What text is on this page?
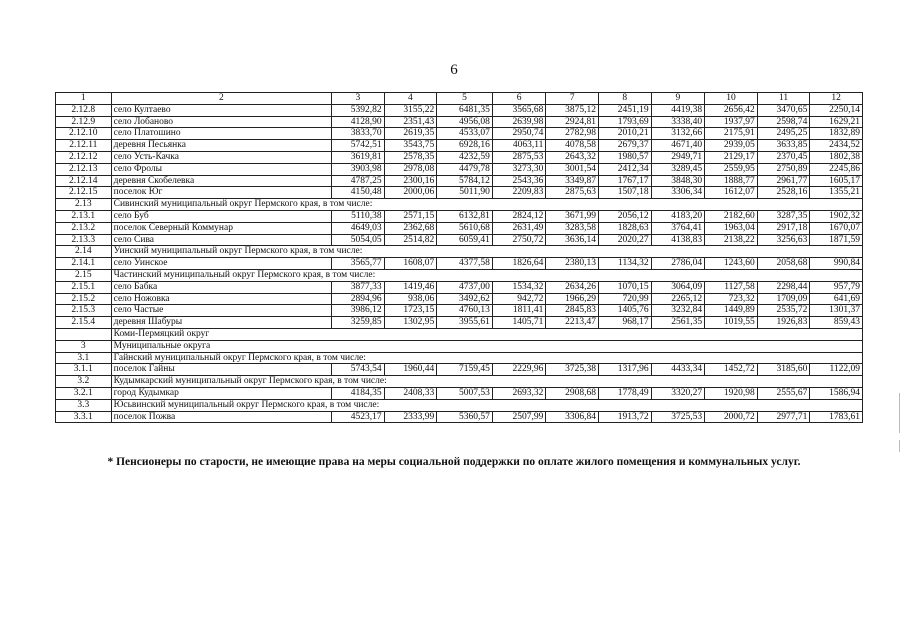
6
1	2	3	4	5	6	7	8	9	10	11	12
2.12.8	село Култаево	5392,82	3155,22	6481,35	3565,68	3875,12	2451,19	4419,38	2656,42	3470,65	2250,14
2.12.9	село Лобаново	4128,90	2351,43	4956,08	2639,98	2924,81	1793,69	3338,40	1937,97	2598,74	1629,21
2.12.10	село Платошино	3833,70	2619,35	4533,07	2950,74	2782,98	2010,21	3132,66	2175,91	2495,25	1832,89
2.12.11	деревня Песьянка	5742,51	3543,75	6928,16	4063,11	4078,58	2679,37	4671,40	2939,05	3633,85	2434,52
2.12.12	село Усть-Качка	3619,81	2578,35	4232,59	2875,53	2643,32	1980,57	2949,71	2129,17	2370,45	1802,38
2.12.13	село Фролы	3903,98	2978,08	4479,78	3273,30	3001,54	2412,34	3289,45	2559,95	2750,89	2245,86
2.12.14	деревня Скобелевка	4787,25	2300,16	5784,12	2543,36	3349,87	1767,17	3848,30	1888,77	2961,77	1605,17
2.12.15	поселок Юг	4150,48	2000,06	5011,90	2209,83	2875,63	1507,18	3306,34	1612,07	2528,16	1355,21
2.13	Сивинский муниципальный округ Пермского края, в том числе:										
2.13.1	село Буб	5110,38	2571,15	6132,81	2824,12	3671,99	2056,12	4183,20	2182,60	3287,35	1902,32
2.13.2	поселок Северный Коммунар	4649,03	2362,68	5610,68	2631,49	3283,58	1828,63	3764,41	1963,04	2917,18	1670,07
2.13.3	село Сива	5054,05	2514,82	6059,41	2750,72	3636,14	2020,27	4138,83	2138,22	3256,63	1871,59
2.14	Уинский муниципальный округ Пермского края, в том числе:										
2.14.1	село Уинское	3565,77	1608,07	4377,58	1826,64	2380,13	1134,32	2786,04	1243,60	2058,68	990,84
2.15	Частинский муниципальный округ Пермского края, в том числе:										
2.15.1	село Бабка	3877,33	1419,46	4737,00	1534,32	2634,26	1070,15	3064,09	1127,58	2298,44	957,79
2.15.2	село Ножовка	2894,96	938,06	3492,62	942,72	1966,29	720,99	2265,12	723,32	1709,09	641,69
2.15.3	село Частые	3986,12	1723,15	4760,13	1811,41	2845,83	1405,76	3232,84	1449,89	2535,72	1301,37
2.15.4	деревня Шабуры	3259,85	1302,95	3955,61	1405,71	2213,47	968,17	2561,35	1019,55	1926,83	859,43
	Коми-Пермяцкий округ										
3	Муниципальные округа										
3.1	Гайнский муниципальный округ Пермского края, в том числе:										
3.1.1	поселок Гайны	5743,54	1960,44	7159,45	2229,96	3725,38	1317,96	4433,34	1452,72	3185,60	1122,09
3.2	Кудымкарский муниципальный округ Пермского края, в том числе:										
3.2.1	город Кудымкар	4184,35	2408,33	5007,53	2693,32	2908,68	1778,49	3320,27	1920,98	2555,67	1586,94
3.3	Юсьвинский муниципальный округ Пермского края, в том числе:										
3.3.1	поселок Пожва	4523,17	2333,99	5360,57	2507,99	3306,84	1913,72	3725,53	2000,72	2977,71	1783,61
* Пенсионеры по старости, не имеющие права на меры социальной поддержки по оплате жилого помещения и коммунальных услуг.
